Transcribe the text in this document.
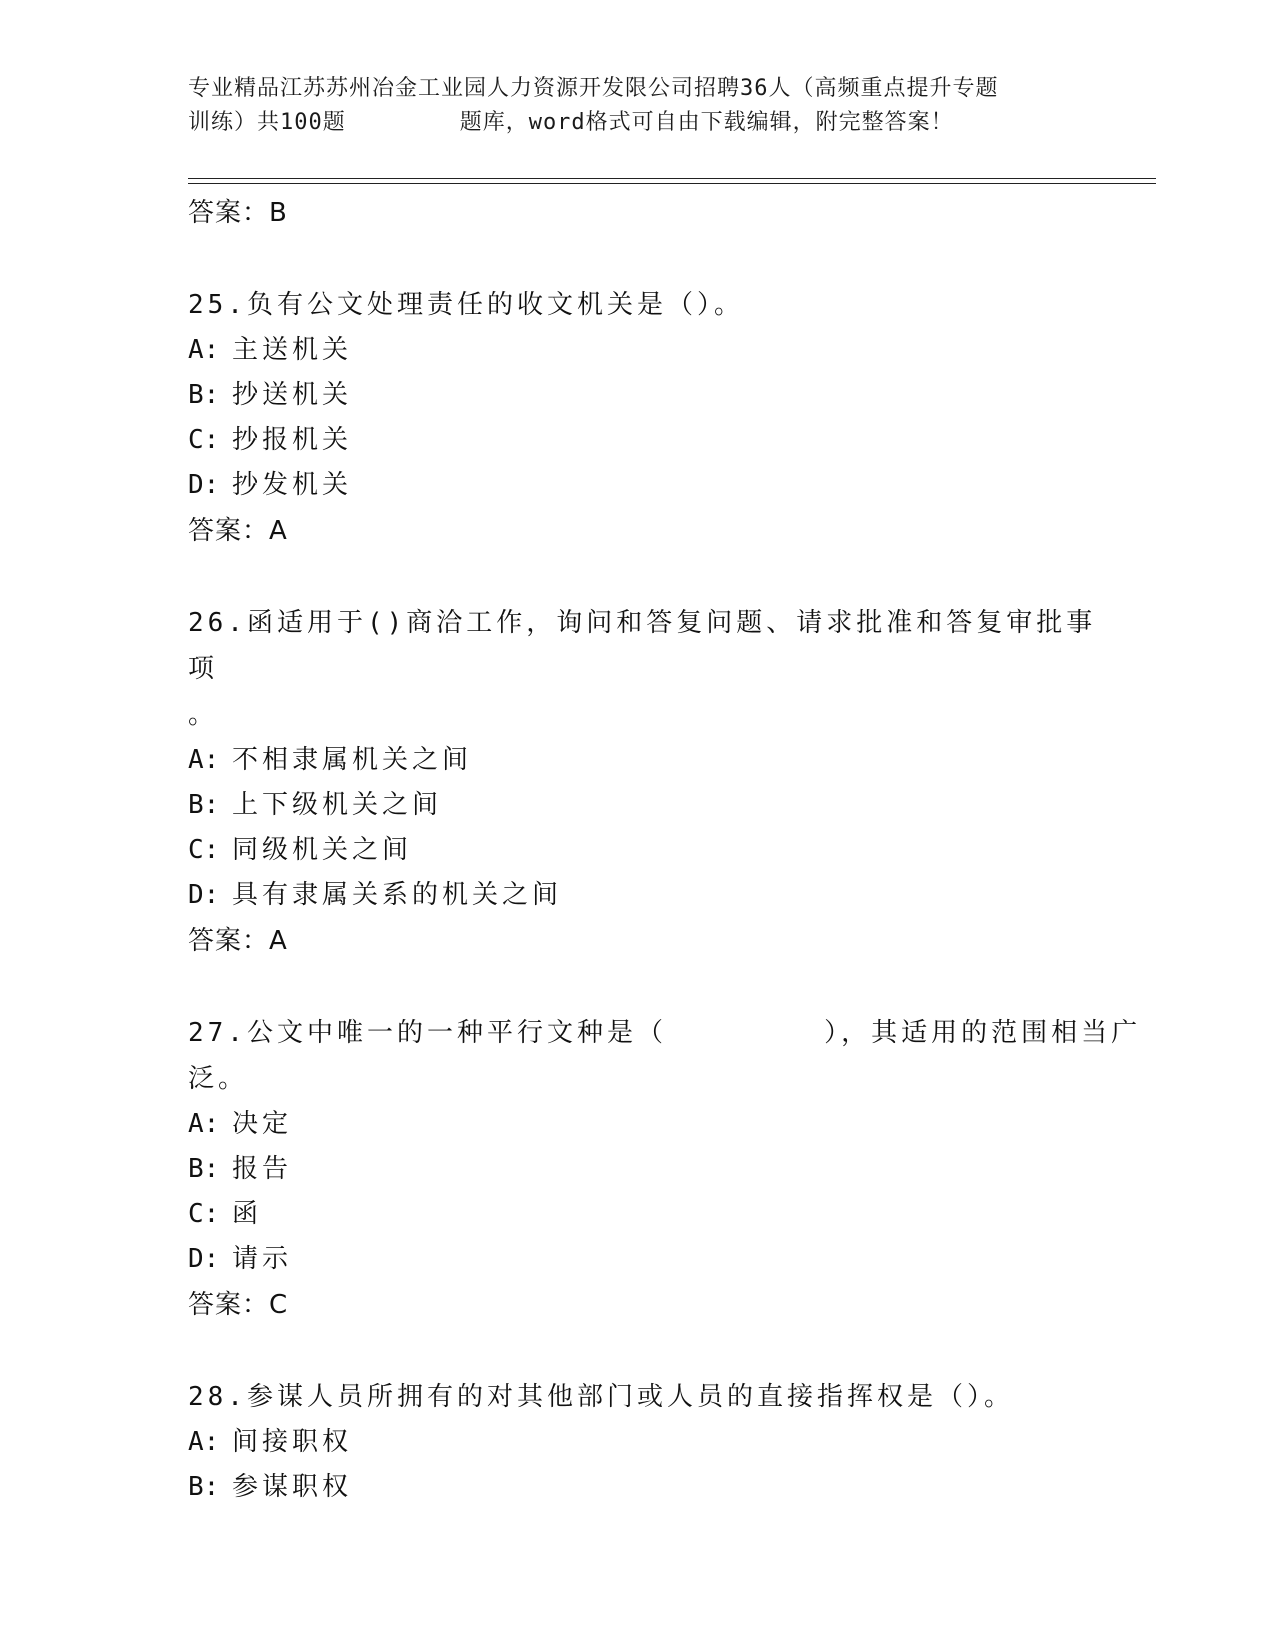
专业精品江苏苏州冶金工业园人力资源开发限公司招聘36人（高频重点提升专题
训练）共100题        题库，word格式可自由下载编辑，附完整答案！
答案：B
25.负有公文处理责任的收文机关是（）。
A: 主送机关
B: 抄送机关
C: 抄报机关
D: 抄发机关
答案：A
26.函适用于()商洽工作，询问和答复问题、请求批准和答复审批事项
。
A: 不相隶属机关之间
B: 上下级机关之间
C: 同级机关之间
D: 具有隶属关系的机关之间
答案：A
27.公文中唯一的一种平行文种是（        ），其适用的范围相当广
泛。
A: 决定
B: 报告
C: 函
D: 请示
答案：C
28.参谋人员所拥有的对其他部门或人员的直接指挥权是（）。
A: 间接职权
B: 参谋职权
